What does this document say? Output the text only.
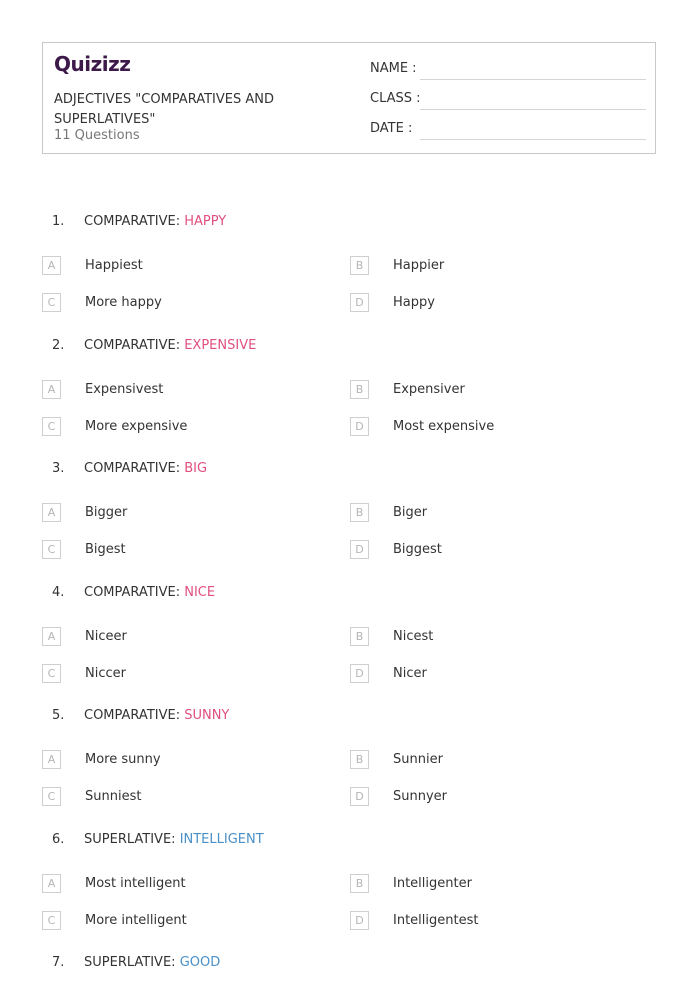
Quizizz
ADJECTIVES "COMPARATIVES AND SUPERLATIVES"
11 Questions
NAME :
CLASS :
DATE :
1. COMPARATIVE: HAPPY
A	Happiest	B	Happier
C	More happy	D	Happy
2. COMPARATIVE: EXPENSIVE
A	Expensivest	B	Expensiver
C	More expensive	D	Most expensive
3. COMPARATIVE: BIG
A	Bigger	B	Biger
C	Bigest	D	Biggest
4. COMPARATIVE: NICE
A	Niceer	B	Nicest
C	Niccer	D	Nicer
5. COMPARATIVE: SUNNY
A	More sunny	B	Sunnier
C	Sunniest	D	Sunnyer
6. SUPERLATIVE: INTELLIGENT
A	Most intelligent	B	Intelligenter
C	More intelligent	D	Intelligentest
7. SUPERLATIVE: GOOD
